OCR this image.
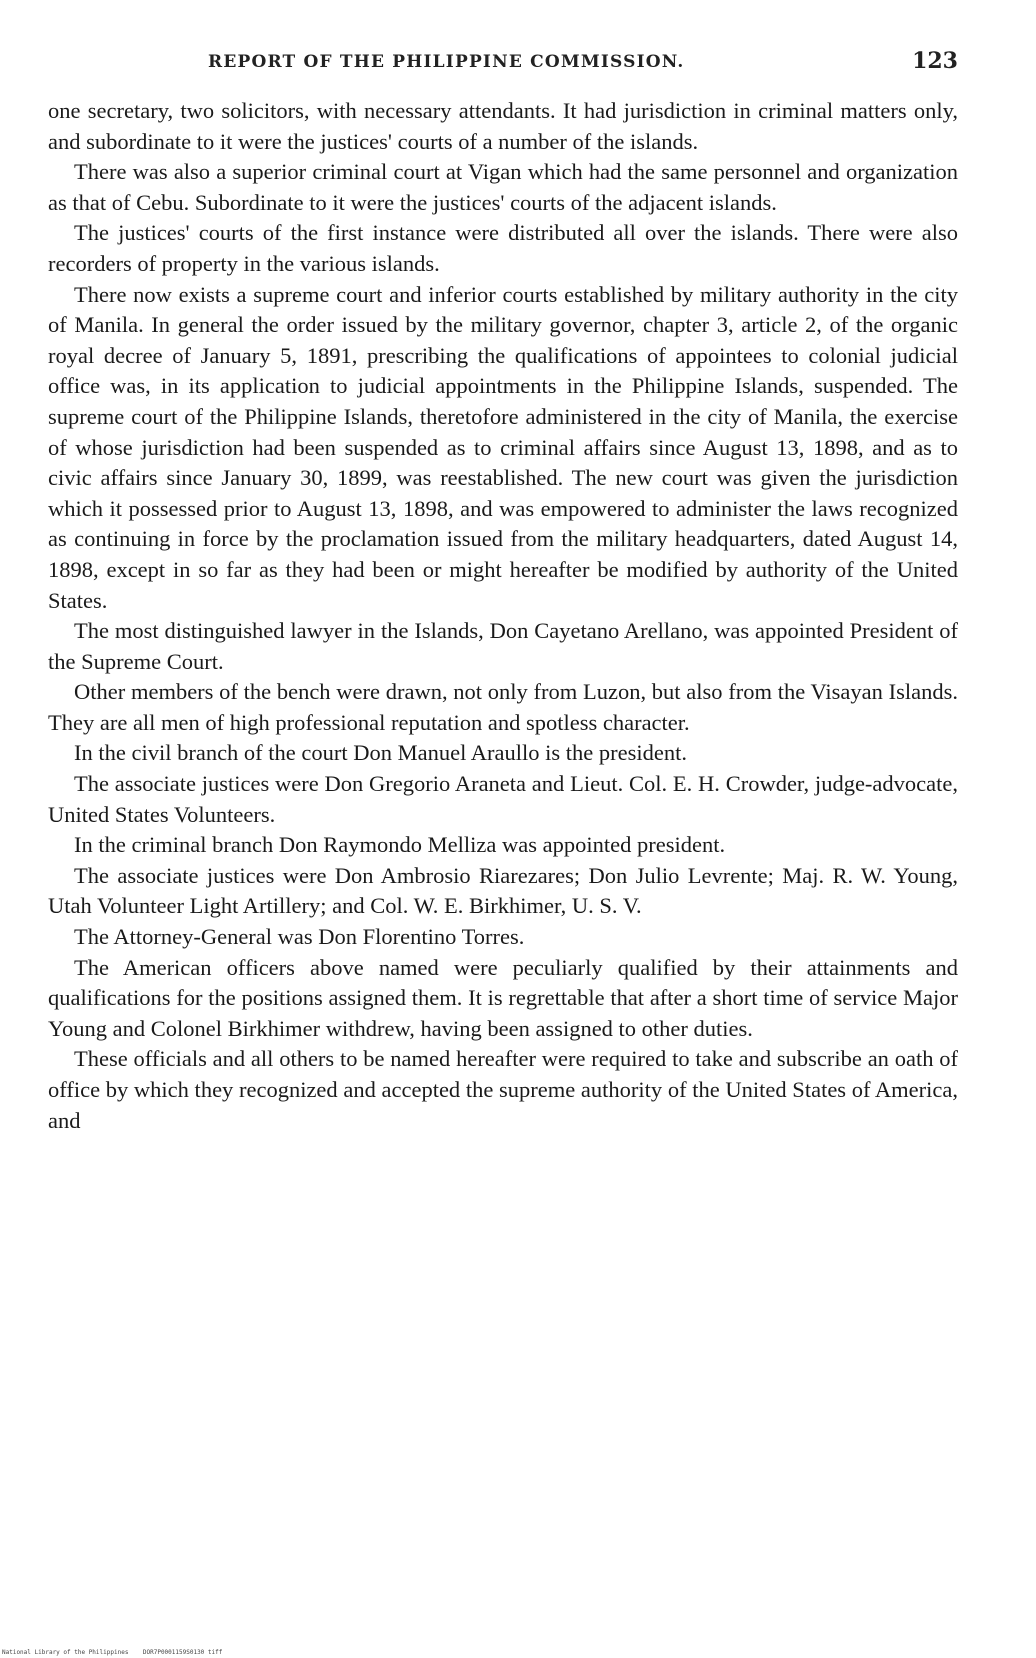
REPORT OF THE PHILIPPINE COMMISSION.	123

one secretary, two solicitors, with necessary attendants. It had jurisdiction in criminal matters only, and subordinate to it were the justices' courts of a number of the islands.

There was also a superior criminal court at Vigan which had the same personnel and organization as that of Cebu. Subordinate to it were the justices' courts of the adjacent islands.

The justices' courts of the first instance were distributed all over the islands. There were also recorders of property in the various islands.

There now exists a supreme court and inferior courts established by military authority in the city of Manila. In general the order issued by the military governor, chapter 3, article 2, of the organic royal decree of January 5, 1891, prescribing the qualifications of appointees to colonial judicial office was, in its application to judicial appointments in the Philippine Islands, suspended. The supreme court of the Philippine Islands, theretofore administered in the city of Manila, the exercise of whose jurisdiction had been suspended as to criminal affairs since August 13, 1898, and as to civic affairs since January 30, 1899, was reestablished. The new court was given the jurisdiction which it possessed prior to August 13, 1898, and was empowered to administer the laws recognized as continuing in force by the proclamation issued from the military headquarters, dated August 14, 1898, except in so far as they had been or might hereafter be modified by authority of the United States.

The most distinguished lawyer in the Islands, Don Cayetano Arellano, was appointed President of the Supreme Court.

Other members of the bench were drawn, not only from Luzon, but also from the Visayan Islands. They are all men of high professional reputation and spotless character.

In the civil branch of the court Don Manuel Araullo is the president.

The associate justices were Don Gregorio Araneta and Lieut. Col. E. H. Crowder, judge-advocate, United States Volunteers.

In the criminal branch Don Raymondo Melliza was appointed president.

The associate justices were Don Ambrosio Riarezares; Don Julio Levrente; Maj. R. W. Young, Utah Volunteer Light Artillery; and Col. W. E. Birkhimer, U. S. V.

The Attorney-General was Don Florentino Torres.

The American officers above named were peculiarly qualified by their attainments and qualifications for the positions assigned them. It is regrettable that after a short time of service Major Young and Colonel Birkhimer withdrew, having been assigned to other duties.

These officials and all others to be named hereafter were required to take and subscribe an oath of office by which they recognized and accepted the supreme authority of the United States of America, and

National Library of the Philippines    DOR7P0001159S0130 tiff
